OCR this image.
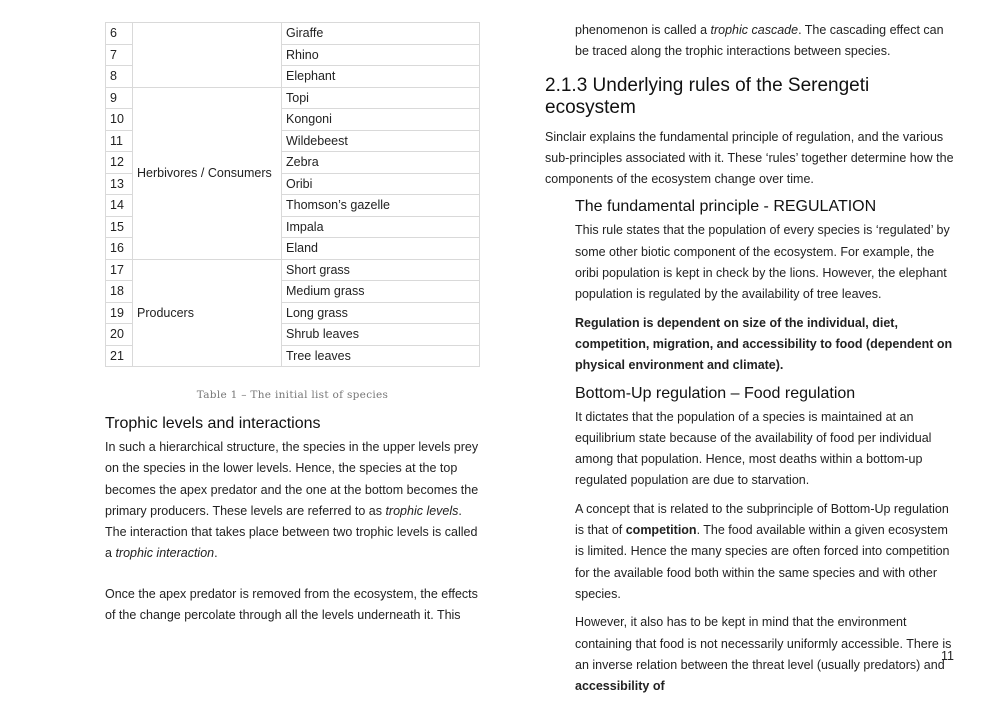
6		Giraffe
7		Rhino
8		Elephant
9	Herbivores / Consumers	Topi
10		Kongoni
11		Wildebeest
12		Zebra
13		Oribi
14		Thomson’s gazelle
15		Impala
16		Eland
17	Producers	Short grass
18		Medium grass
19		Long grass
20		Shrub leaves
21		Tree leaves
Table 1 – The initial list of species
Trophic levels and interactions

In such a hierarchical structure, the species in the upper levels prey on the species in the lower levels. Hence, the species at the top becomes the apex predator and the one at the bottom becomes the primary producers. These levels are referred to as trophic levels. The interaction that takes place between two trophic levels is called a trophic interaction.

Once the apex predator is removed from the ecosystem, the effects of the change percolate through all the levels underneath it. This

phenomenon is called a trophic cascade. The cascading effect can be traced along the trophic interactions between species.

2.1.3 Underlying rules of the Serengeti ecosystem

Sinclair explains the fundamental principle of regulation, and the various sub-principles associated with it. These ‘rules’ together determine how the components of the ecosystem change over time.

The fundamental principle - REGULATION

This rule states that the population of every species is ‘regulated’ by some other biotic component of the ecosystem. For example, the oribi population is kept in check by the lions. However, the elephant population is regulated by the availability of tree leaves.

Regulation is dependent on size of the individual, diet, competition, migration, and accessibility to food (dependent on physical environment and climate).

Bottom-Up regulation – Food regulation

It dictates that the population of a species is maintained at an equilibrium state because of the availability of food per individual among that population. Hence, most deaths within a bottom-up regulated population are due to starvation.

A concept that is related to the subprinciple of Bottom-Up regulation is that of competition. The food available within a given ecosystem is limited. Hence the many species are often forced into competition for the available food both within the same species and with other species.

However, it also has to be kept in mind that the environment containing that food is not necessarily uniformly accessible. There is an inverse relation between the threat level (usually predators) and accessibility of

11
